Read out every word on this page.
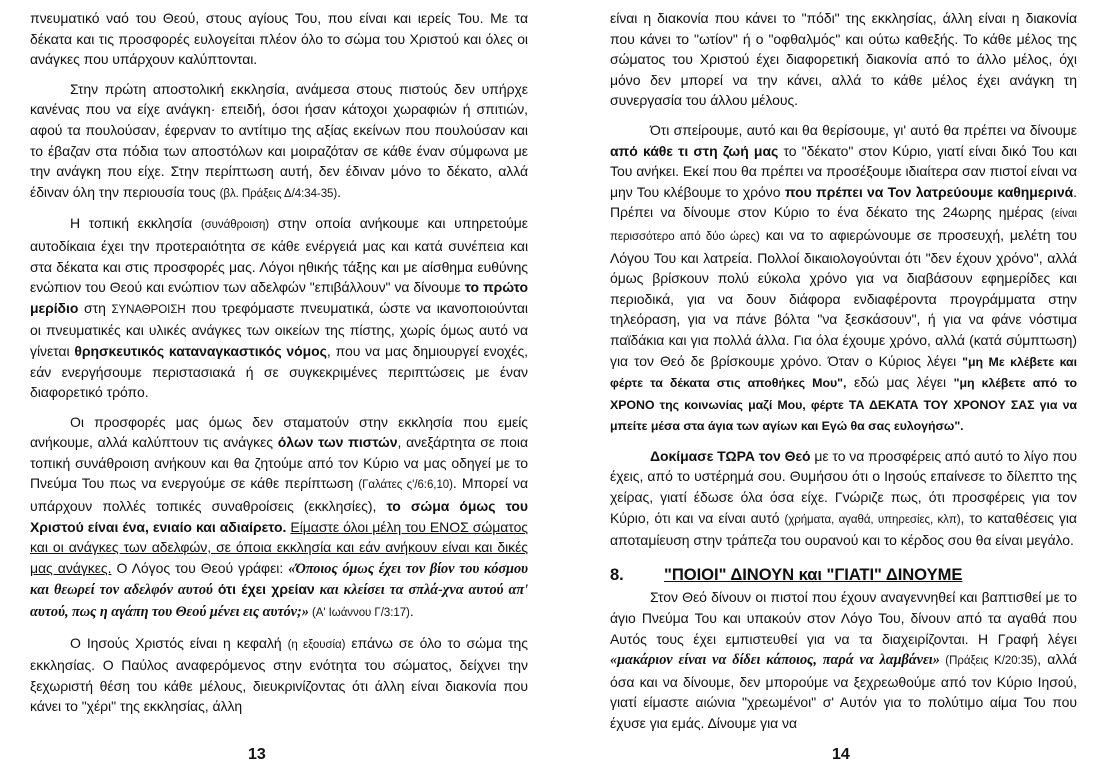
πνευματικό ναό του Θεού, στους αγίους Του, που είναι και ιερείς Του. Με τα δέκατα και τις προσφορές ευλογείται πλέον όλο το σώμα του Χριστού και όλες οι ανάγκες που υπάρχουν καλύπτονται.

Στην πρώτη αποστολική εκκλησία, ανάμεσα στους πιστούς δεν υπήρχε κανένας που να είχε ανάγκη· επειδή, όσοι ήσαν κάτοχοι χωραφιών ή σπιτιών, αφού τα πουλούσαν, έφερναν το αντίτιμο της αξίας εκείνων που πουλούσαν και το έβαζαν στα πόδια των αποστόλων και μοιραζόταν σε κάθε έναν σύμφωνα με την ανάγκη που είχε. Στην περίπτωση αυτή, δεν έδιναν μόνο το δέκατο, αλλά έδιναν όλη την περιουσία τους (βλ. Πράξεις Δ/4:34-35).

Η τοπική εκκλησία (συνάθροιση) στην οποία ανήκουμε και υπηρετούμε αυτοδίκαια έχει την προτεραιότητα σε κάθε ενέργειά μας και κατά συνέπεια και στα δέκατα και στις προσφορές μας. Λόγοι ηθικής τάξης και με αίσθημα ευθύνης ενώπιον του Θεού και ενώπιον των αδελφών "επιβάλλουν" να δίνουμε το πρώτο μερίδιο στη ΣΥΝΑΘΡΟΙΣΗ που τρεφόμαστε πνευματικά, ώστε να ικανοποιούνται οι πνευματικές και υλικές ανάγκες των οικείων της πίστης, χωρίς όμως αυτό να γίνεται θρησκευτικός καταναγκαστικός νόμος, που να μας δημιουργεί ενοχές, εάν ενεργήσουμε περιστασιακά ή σε συγκεκριμένες περιπτώσεις με έναν διαφορετικό τρόπο.

Οι προσφορές μας όμως δεν σταματούν στην εκκλησία που εμείς ανήκουμε, αλλά καλύπτουν τις ανάγκες όλων των πιστών, ανεξάρτητα σε ποια τοπική συνάθροιση ανήκουν και θα ζητούμε από τον Κύριο να μας οδηγεί με το Πνεύμα Του πως να ενεργούμε σε κάθε περίπτωση (Γαλάτες ς'/6:6,10). Μπορεί να υπάρχουν πολλές τοπικές συναθροίσεις (εκκλησίες), το σώμα όμως του Χριστού είναι ένα, ενιαίο και αδιαίρετο. Είμαστε όλοι μέλη του ΕΝΟΣ σώματος και οι ανάγκες των αδελφών, σε όποια εκκλησία και εάν ανήκουν είναι και δικές μας ανάγκες. Ο Λόγος του Θεού γράφει: «Όποιος όμως έχει τον βίον του κόσμου και θεωρεί τον αδελφόν αυτού ότι έχει χρείαν και κλείσει τα σπλά-χνα αυτού απ' αυτού, πως η αγάπη του Θεού μένει εις αυτόν;» (Α' Ιωάννου Γ/3:17).

Ο Ιησούς Χριστός είναι η κεφαλή (η εξουσία) επάνω σε όλο το σώμα της εκκλησίας. Ο Παύλος αναφερόμενος στην ενότητα του σώματος, δείχνει την ξεχωριστή θέση του κάθε μέλους, διευκρινίζοντας ότι άλλη είναι διακονία που κάνει το "χέρι" της εκκλησίας, άλλη

13

είναι η διακονία που κάνει το "πόδι" της εκκλησίας, άλλη είναι η διακονία που κάνει το "ωτίον" ή ο "οφθαλμός" και ούτω καθεξής. Το κάθε μέλος της σώματος του Χριστού έχει διαφορετική διακονία από το άλλο μέλος, όχι μόνο δεν μπορεί να την κάνει, αλλά το κάθε μέλος έχει ανάγκη τη συνεργασία του άλλου μέλους.

Ότι σπείρουμε, αυτό και θα θερίσουμε, γι' αυτό θα πρέπει να δίνουμε από κάθε τι στη ζωή μας το "δέκατο" στον Κύριο, γιατί είναι δικό Του και Του ανήκει. Εκεί που θα πρέπει να προσέξουμε ιδιαίτερα σαν πιστοί είναι να μην Του κλέβουμε το χρόνο που πρέπει να Τον λατρεύουμε καθημερινά. Πρέπει να δίνουμε στον Κύριο το ένα δέκατο της 24ωρης ημέρας (είναι περισσότερο από δύο ώρες) και να το αφιερώνουμε σε προσευχή, μελέτη του Λόγου Του και λατρεία. Πολλοί δικαιολογούνται ότι "δεν έχουν χρόνο", αλλά όμως βρίσκουν πολύ εύκολα χρόνο για να διαβάσουν εφημερίδες και περιοδικά, για να δουν διάφορα ενδιαφέροντα προγράμματα στην τηλεόραση, για να πάνε βόλτα "να ξεσκάσουν", ή για να φάνε νόστιμα παϊδάκια και για πολλά άλλα. Για όλα έχουμε χρόνο, αλλά (κατά σύμπτωση) για τον Θεό δε βρίσκουμε χρόνο. Όταν ο Κύριος λέγει "μη Με κλέβετε και φέρτε τα δέκατα στις αποθήκες Μου", εδώ μας λέγει "μη κλέβετε από το ΧΡΟΝΟ της κοινωνίας μαζί Μου, φέρτε ΤΑ ΔΕΚΑΤΑ ΤΟΥ ΧΡΟΝΟΥ ΣΑΣ για να μπείτε μέσα στα άγια των αγίων και Εγώ θα σας ευλογήσω".

Δοκίμασε ΤΩΡΑ τον Θεό με το να προσφέρεις από αυτό το λίγο που έχεις, από το υστέρημά σου. Θυμήσου ότι ο Ιησούς επαίνεσε το δίλεπτο της χείρας, γιατί έδωσε όλα όσα είχε. Γνώριζε πως, ότι προσφέρεις για τον Κύριο, ότι και να είναι αυτό (χρήματα, αγαθά, υπηρεσίες, κλπ), το καταθέσεις για αποταμίευση στην τράπεζα του ουρανού και το κέρδος σου θα είναι μεγάλο.

8.	"ΠΟΙΟΙ" ΔΙΝΟΥΝ και "ΓΙΑΤΙ" ΔΙΝΟΥΜΕ

Στον Θεό δίνουν οι πιστοί που έχουν αναγεννηθεί και βαπτισθεί με το άγιο Πνεύμα Του και υπακούν στον Λόγο Του, δίνουν από τα αγαθά που Αυτός τους έχει εμπιστευθεί για να τα διαχειρίζονται. Η Γραφή λέγει «μακάριον είναι να δίδει κάποιος, παρά να λαμβάνει» (Πράξεις Κ/20:35), αλλά όσα και να δίνουμε, δεν μπορούμε να ξεχρεωθούμε από τον Κύριο Ιησού, γιατί είμαστε αιώνια "χρεωμένοι" σ' Αυτόν για το πολύτιμο αίμα Του που έχυσε για εμάς. Δίνουμε για να

14
